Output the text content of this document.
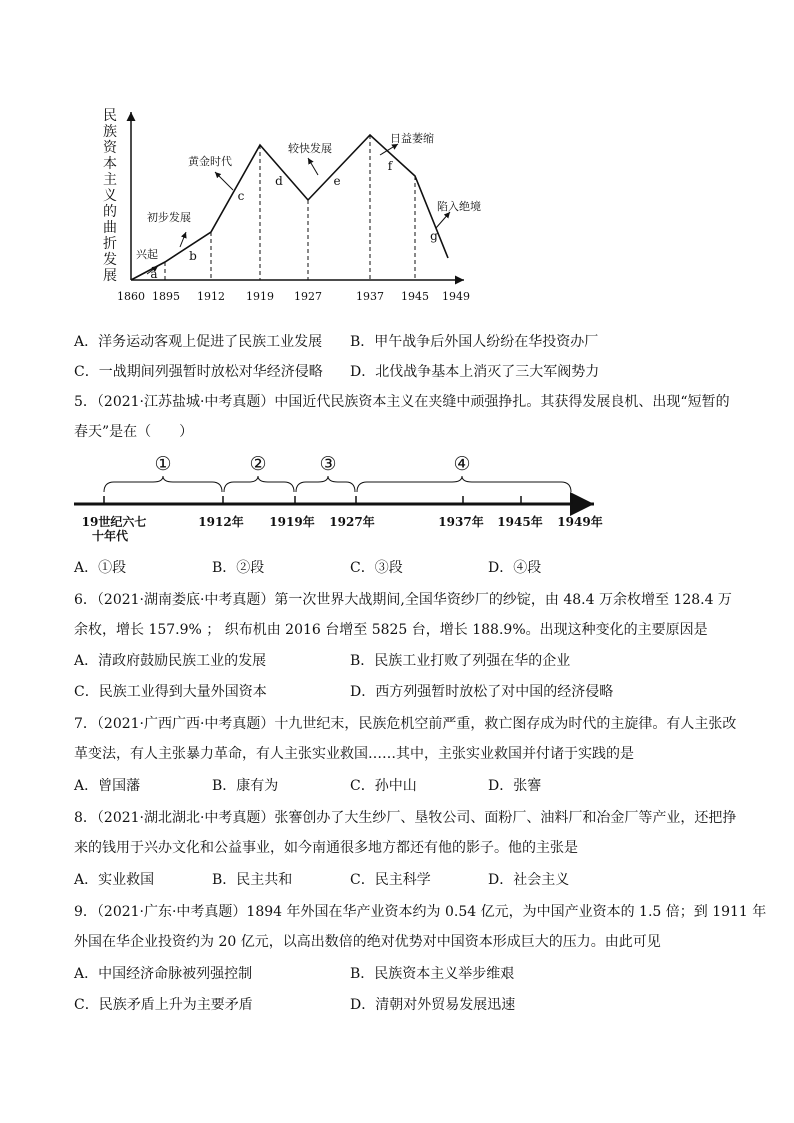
民
族
资
本
主
义
的
曲
折
发
展
1860 1895 1912 1919 1927	1937 1945 1949
a
b
c
d	e
f
g
兴起
初步发展
黄金时代
较快发展
日益萎缩
陷入绝境
A．洋务运动客观上促进了民族工业发展 B．甲午战争后外国人纷纷在华投资办厂
C．一战期间列强暂时放松对华经济侵略 D．北伐战争基本上消灭了三大军阀势力
5．（2021·江苏盐城·中考真题）中国近代民族资本主义在夹缝中顽强挣扎。其获得发展良机、出现“短暂的
春天”是在（　　）
①	②	③	④
19世纪六七
十年代
1912年 1919年 1927年	1937年 1945年 1949年
A．①段	B．②段	C．③段	D．④段
6．（2021·湖南娄底·中考真题）第一次世界大战期间,全国华资纱厂的纱锭，由 48.4 万余枚增至 128.4 万
余枚，增长 157.9% ； 织布机由 2016 台增至 5825 台，增长 188.9%。出现这种变化的主要原因是
A．清政府鼓励民族工业的发展	B．民族工业打败了列强在华的企业
C．民族工业得到大量外国资本	D．西方列强暂时放松了对中国的经济侵略
7．（2021·广西广西·中考真题）十九世纪末，民族危机空前严重，救亡图存成为时代的主旋律。有人主张改
革变法，有人主张暴力革命，有人主张实业救国……其中，主张实业救国并付诸于实践的是
A．曾国藩	B．康有为	C．孙中山	D．张謇
8．（2021·湖北湖北·中考真题）张謇创办了大生纱厂、垦牧公司、面粉厂、油料厂和冶金厂等产业，还把挣
来的钱用于兴办文化和公益事业，如今南通很多地方都还有他的影子。他的主张是
A．实业救国	B．民主共和	C．民主科学	D．社会主义
9．（2021·广东·中考真题）1894 年外国在华产业资本约为 0.54 亿元，为中国产业资本的 1.5 倍；到 1911 年
外国在华企业投资约为 20 亿元，以高出数倍的绝对优势对中国资本形成巨大的压力。由此可见
A．中国经济命脉被列强控制	B．民族资本主义举步维艰
C．民族矛盾上升为主要矛盾	D．清朝对外贸易发展迅速
